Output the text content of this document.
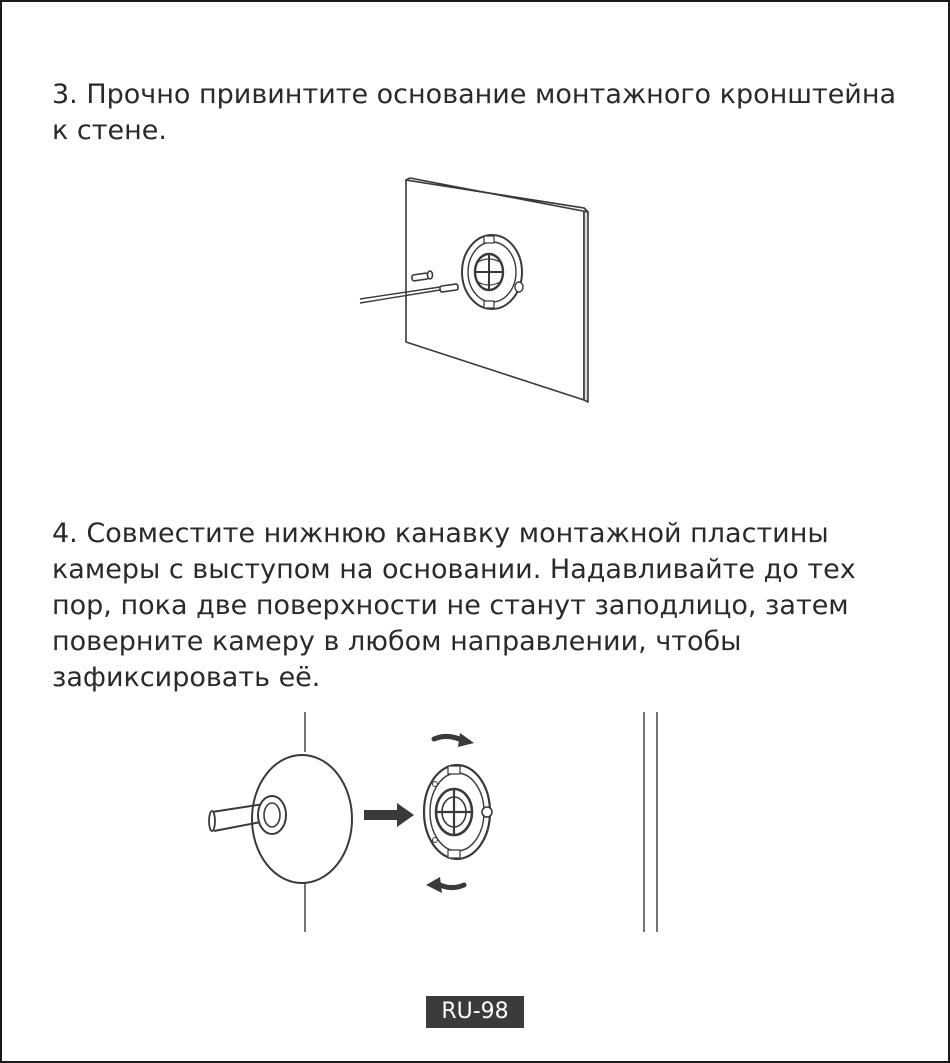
3. Прочно привинтите основание монтажного кронштейна
к стене.

4. Совместите нижнюю канавку монтажной пластины
камеры с выступом на основании. Надавливайте до тех
пор, пока две поверхности не станут заподлицо, затем
поверните камеру в любом направлении, чтобы
зафиксировать её.

RU-98
